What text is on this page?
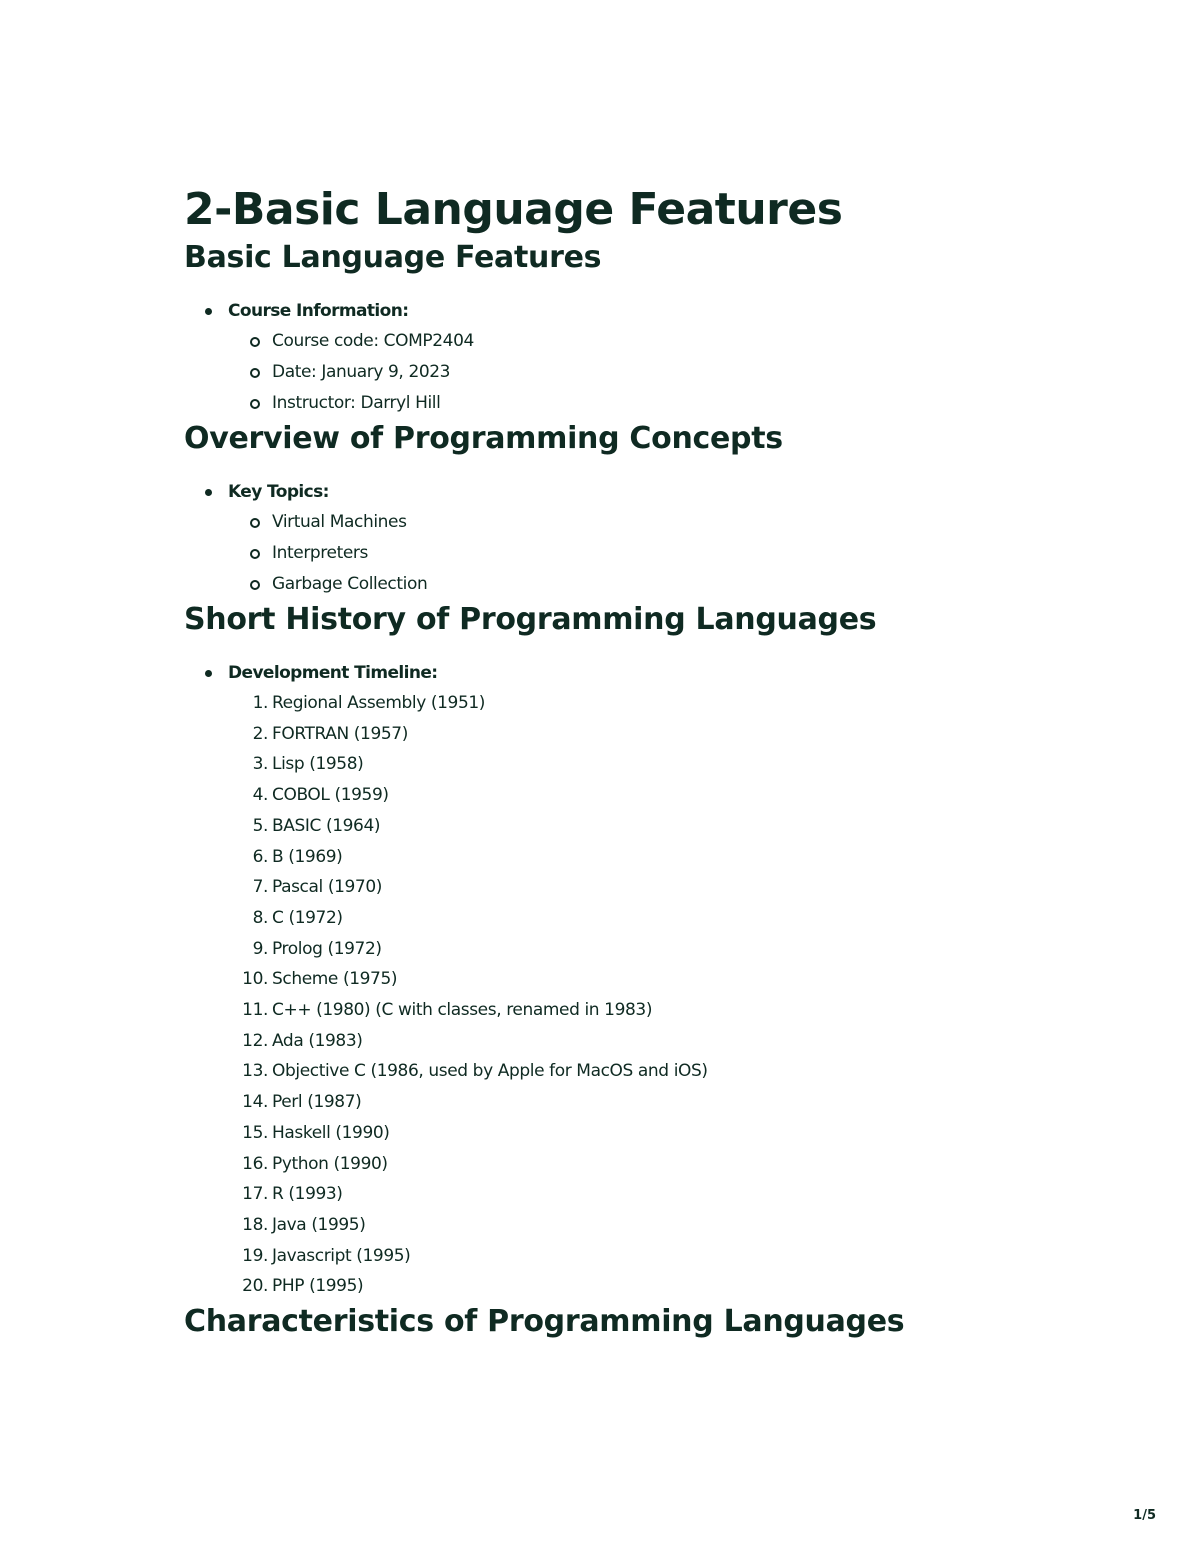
2-Basic Language Features
Basic Language Features
Course Information:
Course code: COMP2404
Date: January 9, 2023
Instructor: Darryl Hill
Overview of Programming Concepts
Key Topics:
Virtual Machines
Interpreters
Garbage Collection
Short History of Programming Languages
Development Timeline:
1. Regional Assembly (1951)
2. FORTRAN (1957)
3. Lisp (1958)
4. COBOL (1959)
5. BASIC (1964)
6. B (1969)
7. Pascal (1970)
8. C (1972)
9. Prolog (1972)
10. Scheme (1975)
11. C++ (1980) (C with classes, renamed in 1983)
12. Ada (1983)
13. Objective C (1986, used by Apple for MacOS and iOS)
14. Perl (1987)
15. Haskell (1990)
16. Python (1990)
17. R (1993)
18. Java (1995)
19. Javascript (1995)
20. PHP (1995)
Characteristics of Programming Languages
1/5
